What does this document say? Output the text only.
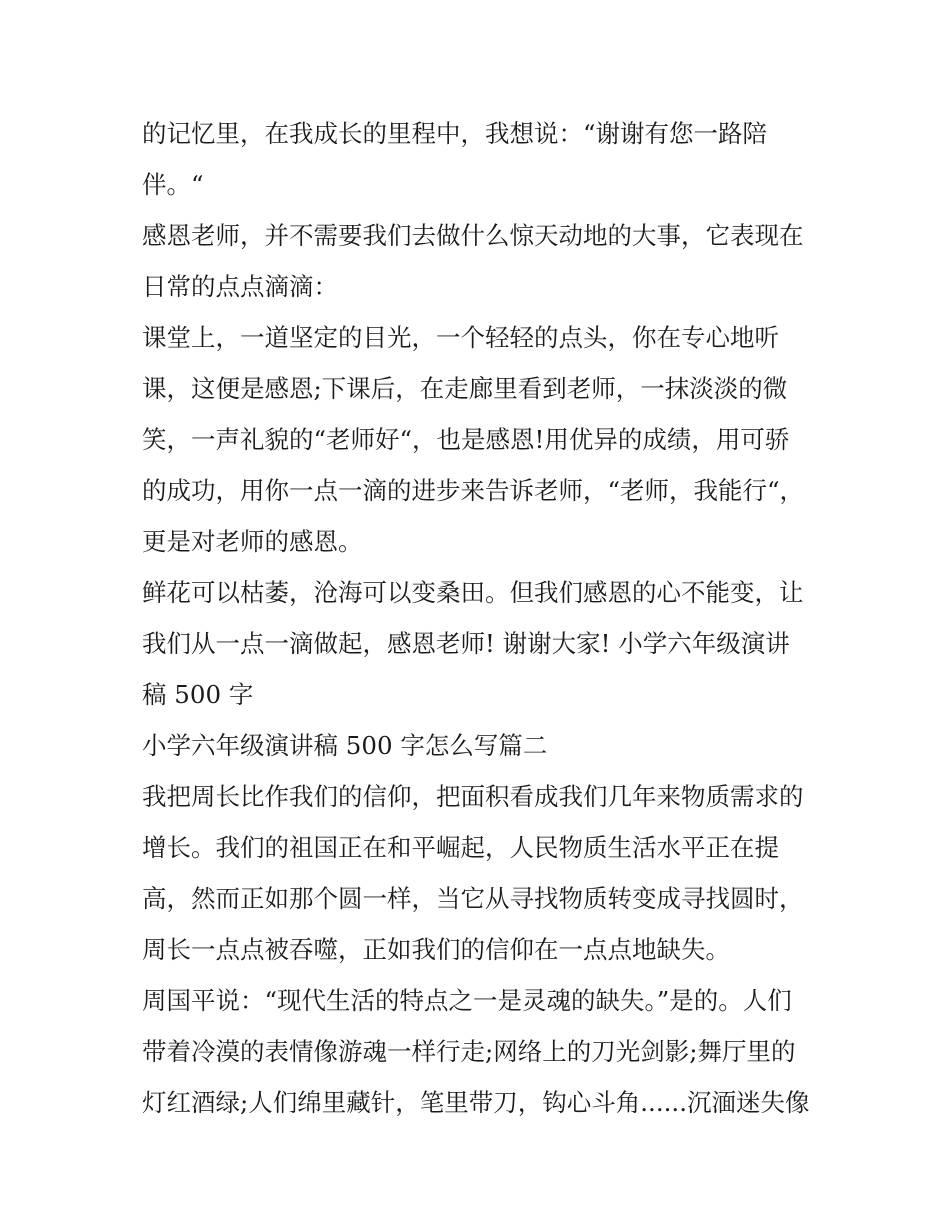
的记忆里，在我成长的里程中，我想说：“谢谢有您一路陪
伴。“
感恩老师，并不需要我们去做什么惊天动地的大事，它表现在
日常的点点滴滴：
课堂上，一道坚定的目光，一个轻轻的点头，你在专心地听
课，这便是感恩;下课后，在走廊里看到老师，一抹淡淡的微
笑，一声礼貌的“老师好“，也是感恩!用优异的成绩，用可骄
的成功，用你一点一滴的进步来告诉老师，“老师，我能行“，
更是对老师的感恩。
鲜花可以枯萎，沧海可以变桑田。但我们感恩的心不能变，让
我们从一点一滴做起，感恩老师! 谢谢大家! 小学六年级演讲
稿 500 字
小学六年级演讲稿 500 字怎么写篇二
我把周长比作我们的信仰，把面积看成我们几年来物质需求的
增长。我们的祖国正在和平崛起，人民物质生活水平正在提
高，然而正如那个圆一样，当它从寻找物质转变成寻找圆时，
周长一点点被吞噬，正如我们的信仰在一点点地缺失。
周国平说：“现代生活的特点之一是灵魂的缺失。”是的。人们
带着冷漠的表情像游魂一样行走;网络上的刀光剑影;舞厅里的
灯红酒绿;人们绵里藏针，笔里带刀，钩心斗角......沉湎迷失像
